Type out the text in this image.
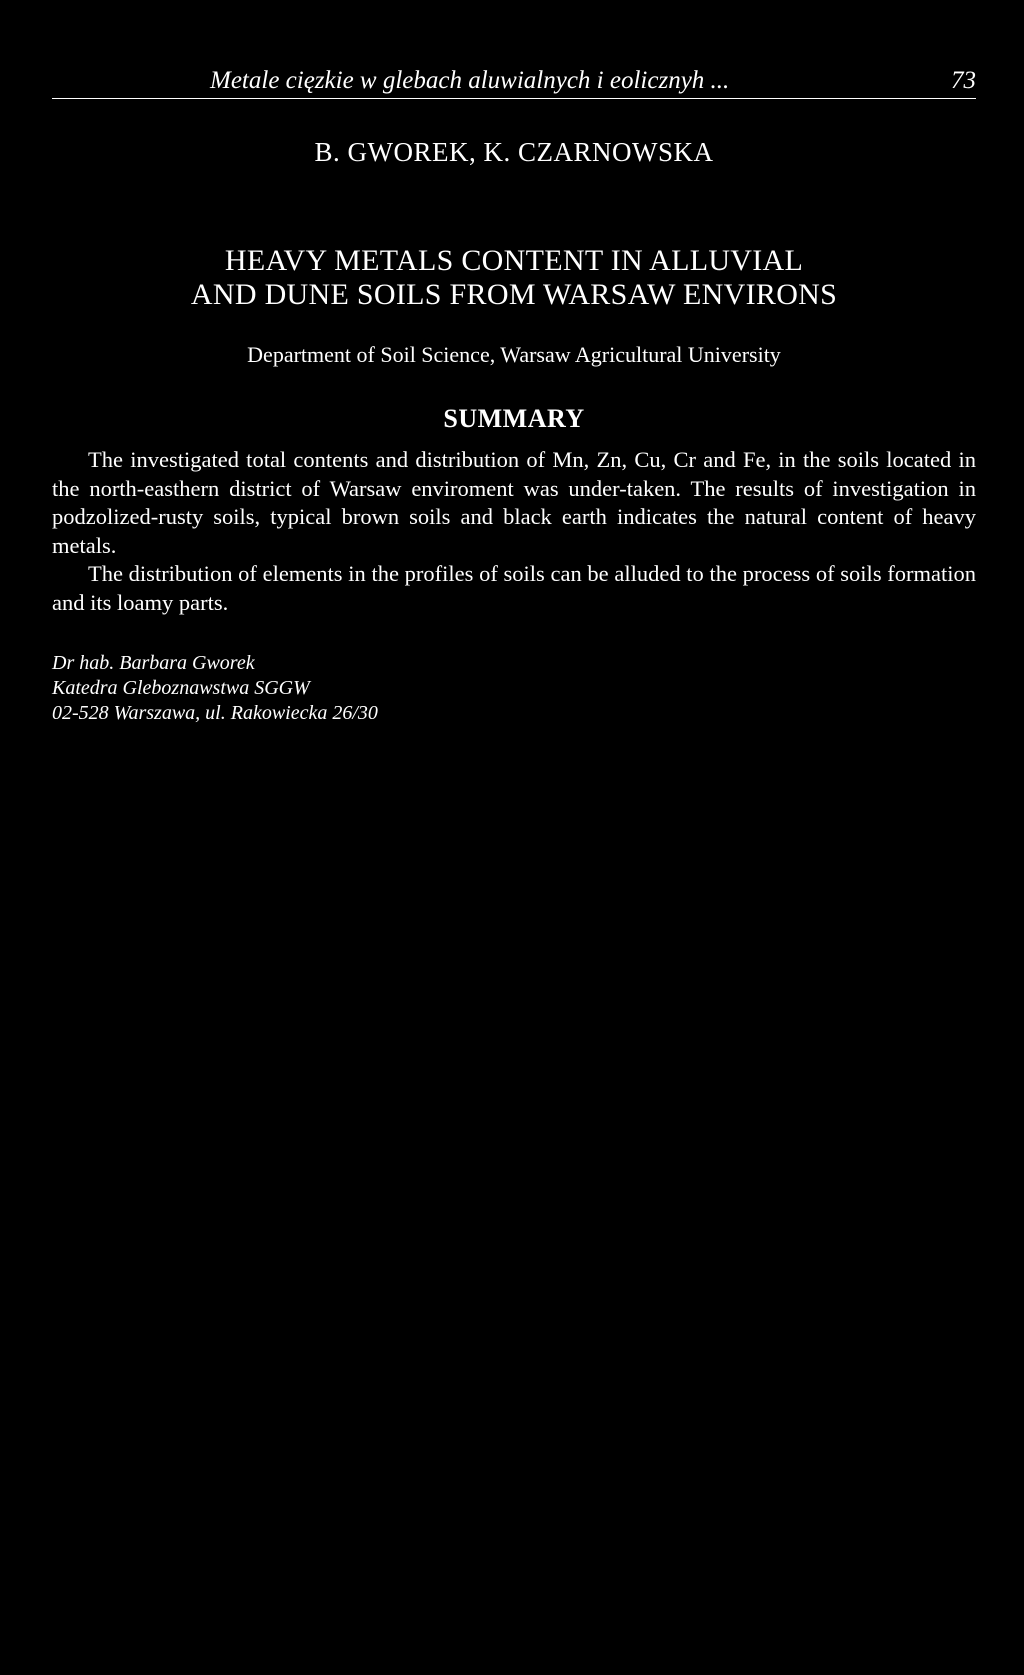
Metale cięzkie w glebach aluwialnych i eolicznyh ...	73
B. GWOREK, K. CZARNOWSKA
HEAVY METALS CONTENT IN ALLUVIAL
AND DUNE SOILS FROM WARSAW ENVIRONS
Department of Soil Science, Warsaw Agricultural University
SUMMARY

The investigated total contents and distribution of Mn, Zn, Cu, Cr and Fe, in the soils located in the north-easthern district of Warsaw enviroment was under-taken. The results of investigation in podzolized-rusty soils, typical brown soils and black earth indicates the natural content of heavy metals.

The distribution of elements in the profiles of soils can be alluded to the process of soils formation and its loamy parts.

Dr hab. Barbara Gworek
Katedra Gleboznawstwa SGGW
02-528 Warszawa, ul. Rakowiecka 26/30
